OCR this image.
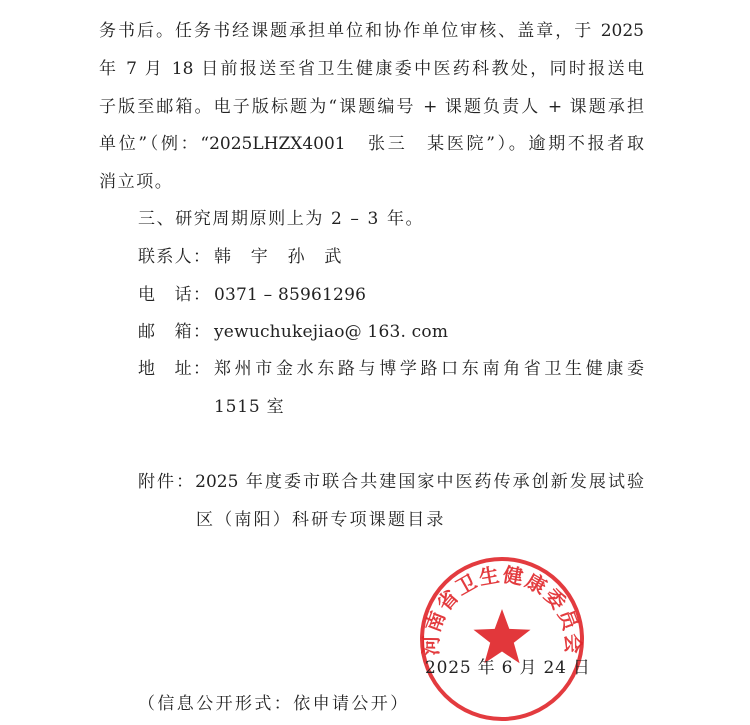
务书后。任务书经课题承担单位和协作单位审核、盖章，于 2025
年 7 月 18 日前报送至省卫生健康委中医药科教处，同时报送电
子版至邮箱。电子版标题为“课题编号 + 课题负责人 + 课题承担
单位”（例：“2025LHZX4001　张三　某医院”）。逾期不报者取
消立项。
三、研究周期原则上为 2 – 3 年。
联系人： 韩　宇　孙　武
电　话： 0371 – 85961296
邮　箱： yewuchukejiao@ 163. com
地　址： 郑州市金水东路与博学路口东南角省卫生健康委
1515 室
附件：2025 年度委市联合共建国家中医药传承创新发展试验
区（南阳）科研专项课题目录
河南省卫生健康委员会
2025 年 6 月 24 日
（信息公开形式：依申请公开）
